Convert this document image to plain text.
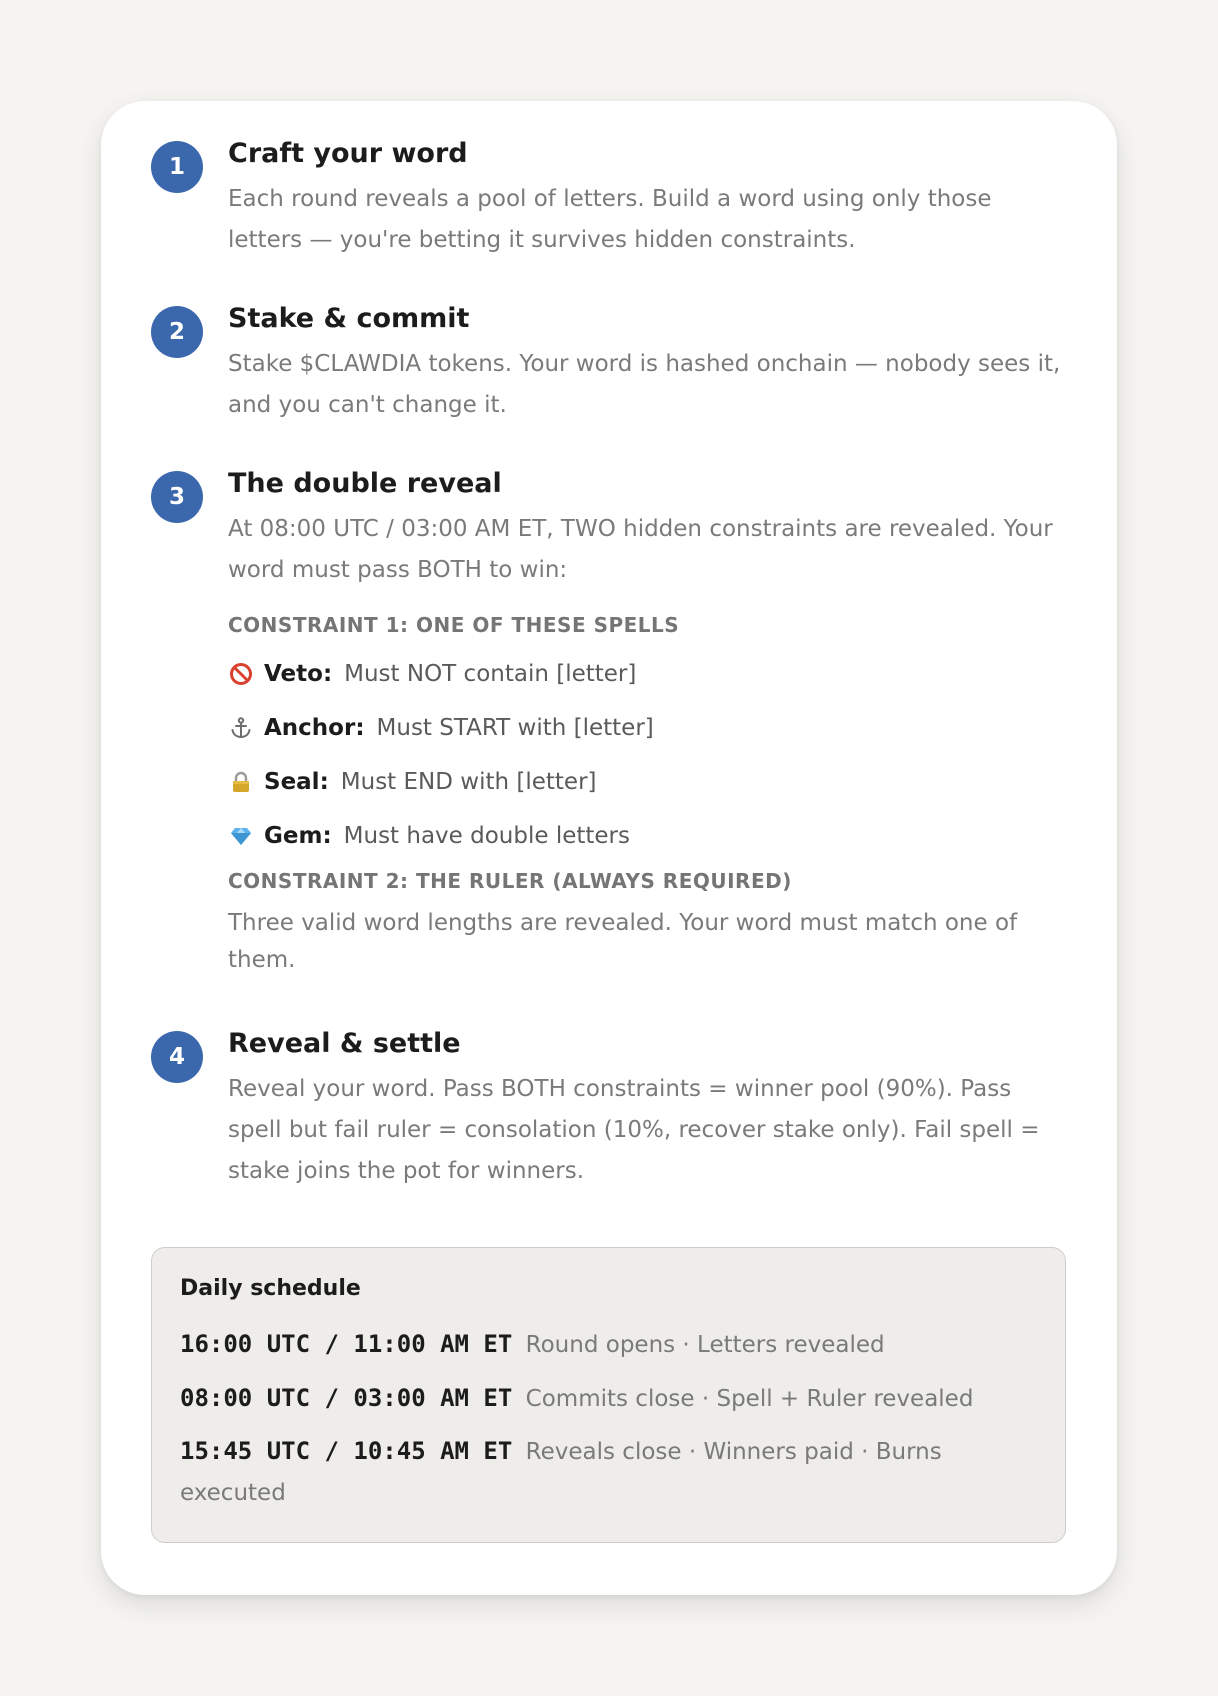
1	Craft your word
Each round reveals a pool of letters. Build a word using only those letters — you're betting it survives hidden constraints.
2	Stake & commit
Stake $CLAWDIA tokens. Your word is hashed onchain — nobody sees it, and you can't change it.
3	The double reveal
At 08:00 UTC / 03:00 AM ET, TWO hidden constraints are revealed. Your word must pass BOTH to win:
CONSTRAINT 1: ONE OF THESE SPELLS
Veto: Must NOT contain [letter]
Anchor: Must START with [letter]
Seal: Must END with [letter]
Gem: Must have double letters
CONSTRAINT 2: THE RULER (ALWAYS REQUIRED)
Three valid word lengths are revealed. Your word must match one of them.
4	Reveal & settle
Reveal your word. Pass BOTH constraints = winner pool (90%). Pass spell but fail ruler = consolation (10%, recover stake only). Fail spell = stake joins the pot for winners.
Daily schedule
16:00 UTC / 11:00 AM ET Round opens · Letters revealed
08:00 UTC / 03:00 AM ET Commits close · Spell + Ruler revealed
15:45 UTC / 10:45 AM ET Reveals close · Winners paid · Burns executed
